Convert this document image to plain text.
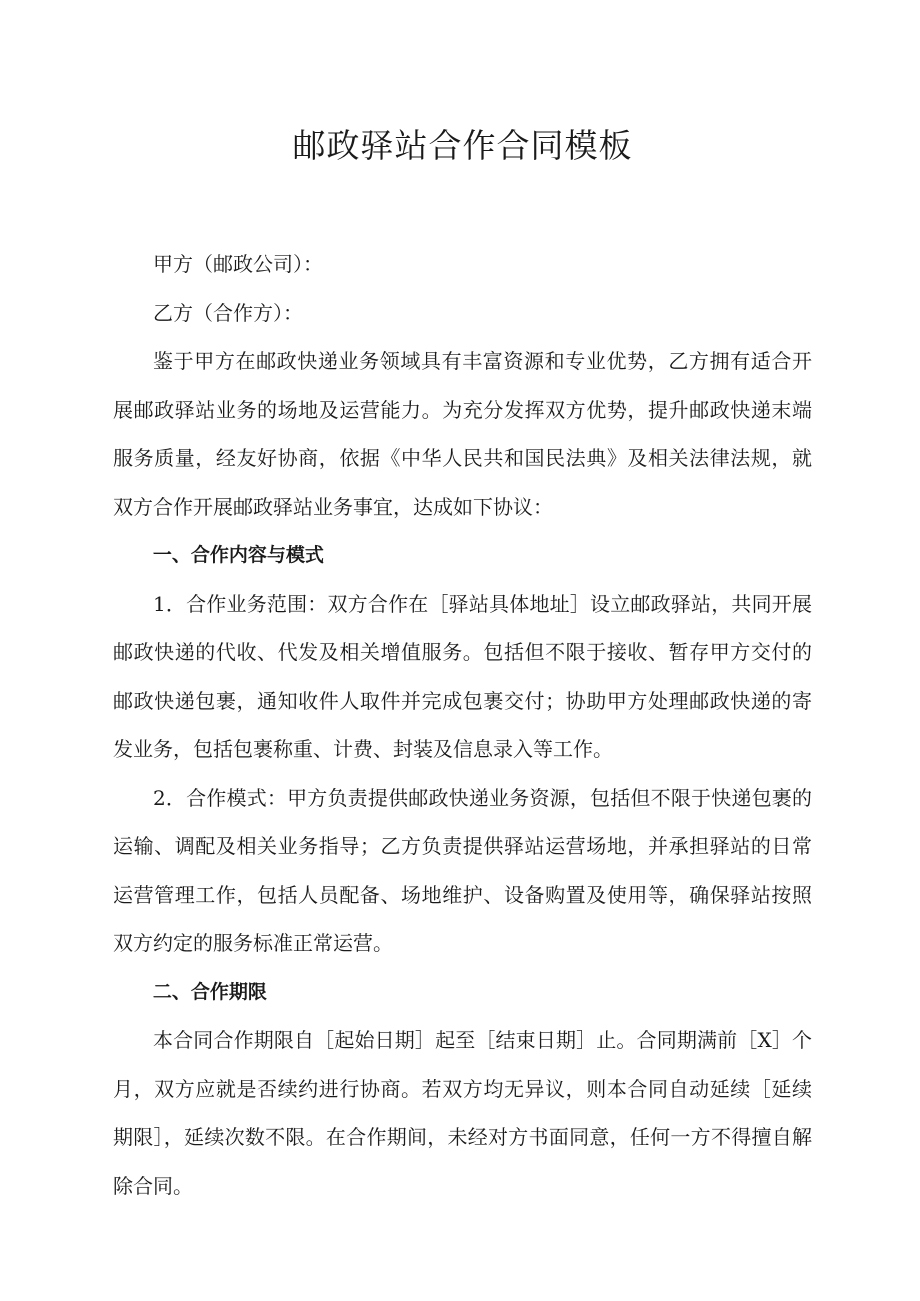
邮政驿站合作合同模板

甲方（邮政公司）：

乙方（合作方）：

鉴于甲方在邮政快递业务领域具有丰富资源和专业优势，乙方拥有适合开展邮政驿站业务的场地及运营能力。为充分发挥双方优势，提升邮政快递末端服务质量，经友好协商，依据《中华人民共和国民法典》及相关法律法规，就双方合作开展邮政驿站业务事宜，达成如下协议：

一、合作内容与模式

1．合作业务范围：双方合作在［驿站具体地址］设立邮政驿站，共同开展邮政快递的代收、代发及相关增值服务。包括但不限于接收、暂存甲方交付的邮政快递包裹，通知收件人取件并完成包裹交付；协助甲方处理邮政快递的寄发业务，包括包裹称重、计费、封装及信息录入等工作。

2．合作模式：甲方负责提供邮政快递业务资源，包括但不限于快递包裹的运输、调配及相关业务指导；乙方负责提供驿站运营场地，并承担驿站的日常运营管理工作，包括人员配备、场地维护、设备购置及使用等，确保驿站按照双方约定的服务标准正常运营。

二、合作期限

本合同合作期限自［起始日期］起至［结束日期］止。合同期满前［X］个月，双方应就是否续约进行协商。若双方均无异议，则本合同自动延续［延续期限］，延续次数不限。在合作期间，未经对方书面同意，任何一方不得擅自解除合同。
